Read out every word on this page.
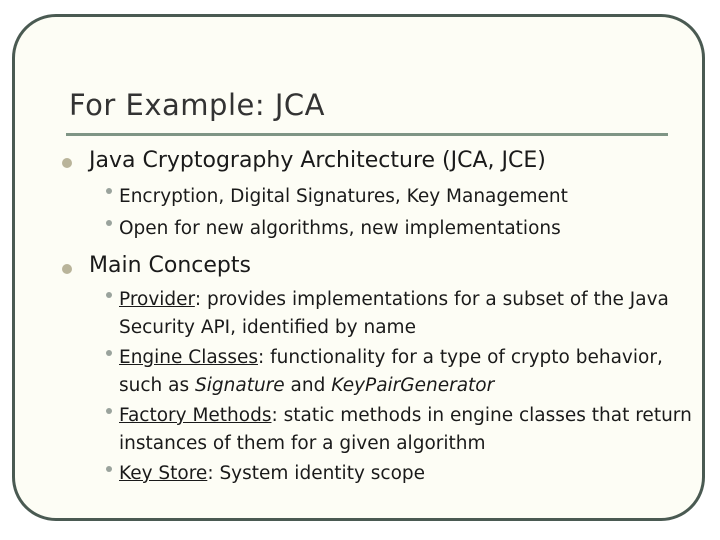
For Example: JCA
Java Cryptography Architecture (JCA, JCE)
Encryption, Digital Signatures, Key Management
Open for new algorithms, new implementations
Main Concepts
Provider: provides implementations for a subset of the Java Security API, identified by name
Engine Classes: functionality for a type of crypto behavior, such as Signature and KeyPairGenerator
Factory Methods: static methods in engine classes that return instances of them for a given algorithm
Key Store: System identity scope
